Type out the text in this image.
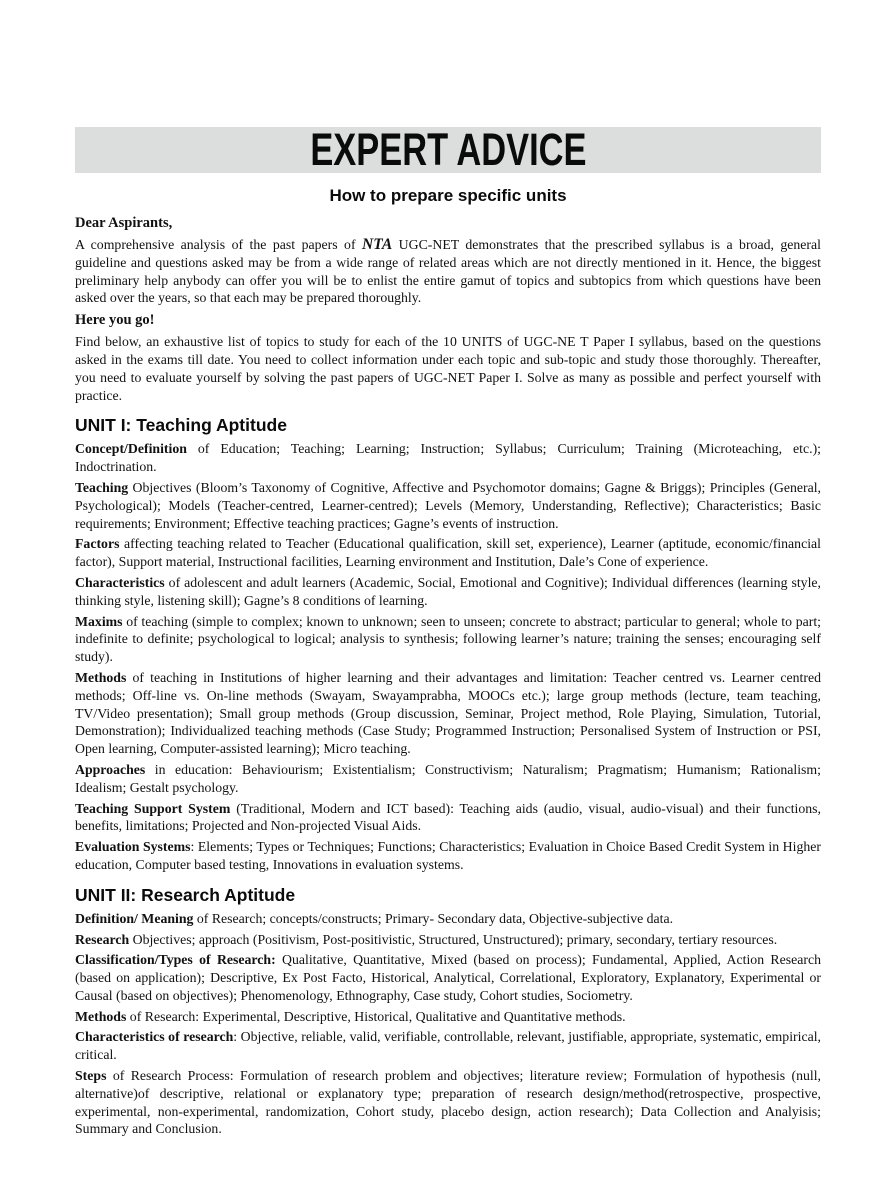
EXPERT ADVICE
How to prepare specific units
Dear Aspirants,

A comprehensive analysis of the past papers of NTA UGC-NET demonstrates that the prescribed syllabus is a broad, general guideline and questions asked may be from a wide range of related areas which are not directly mentioned in it. Hence, the biggest preliminary help anybody can offer you will be to enlist the entire gamut of topics and subtopics from which questions have been asked over the years, so that each may be prepared thoroughly.

Here you go!

Find below, an exhaustive list of topics to study for each of the 10 UNITS of UGC-NE T Paper I syllabus, based on the questions asked in the exams till date. You need to collect information under each topic and sub-topic and study those thoroughly. Thereafter, you need to evaluate yourself by solving the past papers of UGC-NET Paper I. Solve as many as possible and perfect yourself with practice.

UNIT I: Teaching Aptitude

Concept/Definition of Education; Teaching; Learning; Instruction; Syllabus; Curriculum; Training (Microteaching, etc.); Indoctrination.

Teaching Objectives (Bloom’s Taxonomy of Cognitive, Affective and Psychomotor domains; Gagne & Briggs); Principles (General, Psychological); Models (Teacher-centred, Learner-centred); Levels (Memory, Understanding, Reflective); Characteristics; Basic requirements; Environment; Effective teaching practices; Gagne’s events of instruction.

Factors affecting teaching related to Teacher (Educational qualification, skill set, experience), Learner (aptitude, economic/financial factor), Support material, Instructional facilities, Learning environment and Institution, Dale’s Cone of experience.

Characteristics of adolescent and adult learners (Academic, Social, Emotional and Cognitive); Individual differences (learning style, thinking style, listening skill); Gagne’s 8 conditions of learning.

Maxims of teaching (simple to complex; known to unknown; seen to unseen; concrete to abstract; particular to general; whole to part; indefinite to definite; psychological to logical; analysis to synthesis; following learner’s nature; training the senses; encouraging self study).

Methods of teaching in Institutions of higher learning and their advantages and limitation: Teacher centred vs. Learner centred methods; Off-line vs. On-line methods (Swayam, Swayamprabha, MOOCs etc.); large group methods (lecture, team teaching, TV/Video presentation); Small group methods (Group discussion, Seminar, Project method, Role Playing, Simulation, Tutorial, Demonstration); Individualized teaching methods (Case Study; Programmed Instruction; Personalised System of Instruction or PSI, Open learning, Computer-assisted learning); Micro teaching.

Approaches in education: Behaviourism; Existentialism; Constructivism; Naturalism; Pragmatism; Humanism; Rationalism; Idealism; Gestalt psychology.

Teaching Support System (Traditional, Modern and ICT based): Teaching aids (audio, visual, audio-visual) and their functions, benefits, limitations; Projected and Non-projected Visual Aids.

Evaluation Systems: Elements; Types or Techniques; Functions; Characteristics; Evaluation in Choice Based Credit System in Higher education, Computer based testing, Innovations in evaluation systems.

UNIT II: Research Aptitude

Definition/ Meaning of Research; concepts/constructs; Primary- Secondary data, Objective-subjective data.

Research Objectives; approach (Positivism, Post-positivistic, Structured, Unstructured); primary, secondary, tertiary resources.

Classification/Types of Research: Qualitative, Quantitative, Mixed (based on process); Fundamental, Applied, Action Research (based on application); Descriptive, Ex Post Facto, Historical, Analytical, Correlational, Exploratory, Explanatory, Experimental or Causal (based on objectives); Phenomenology, Ethnography, Case study, Cohort studies, Sociometry.

Methods of Research: Experimental, Descriptive, Historical, Qualitative and Quantitative methods.

Characteristics of research: Objective, reliable, valid, verifiable, controllable, relevant, justifiable, appropriate, systematic, empirical, critical.

Steps of Research Process: Formulation of research problem and objectives; literature review; Formulation of hypothesis (null, alternative)of descriptive, relational or explanatory type; preparation of research design/method(retrospective, prospective, experimental, non-experimental, randomization, Cohort study, placebo design, action research); Data Collection and Analyisis; Summary and Conclusion.
